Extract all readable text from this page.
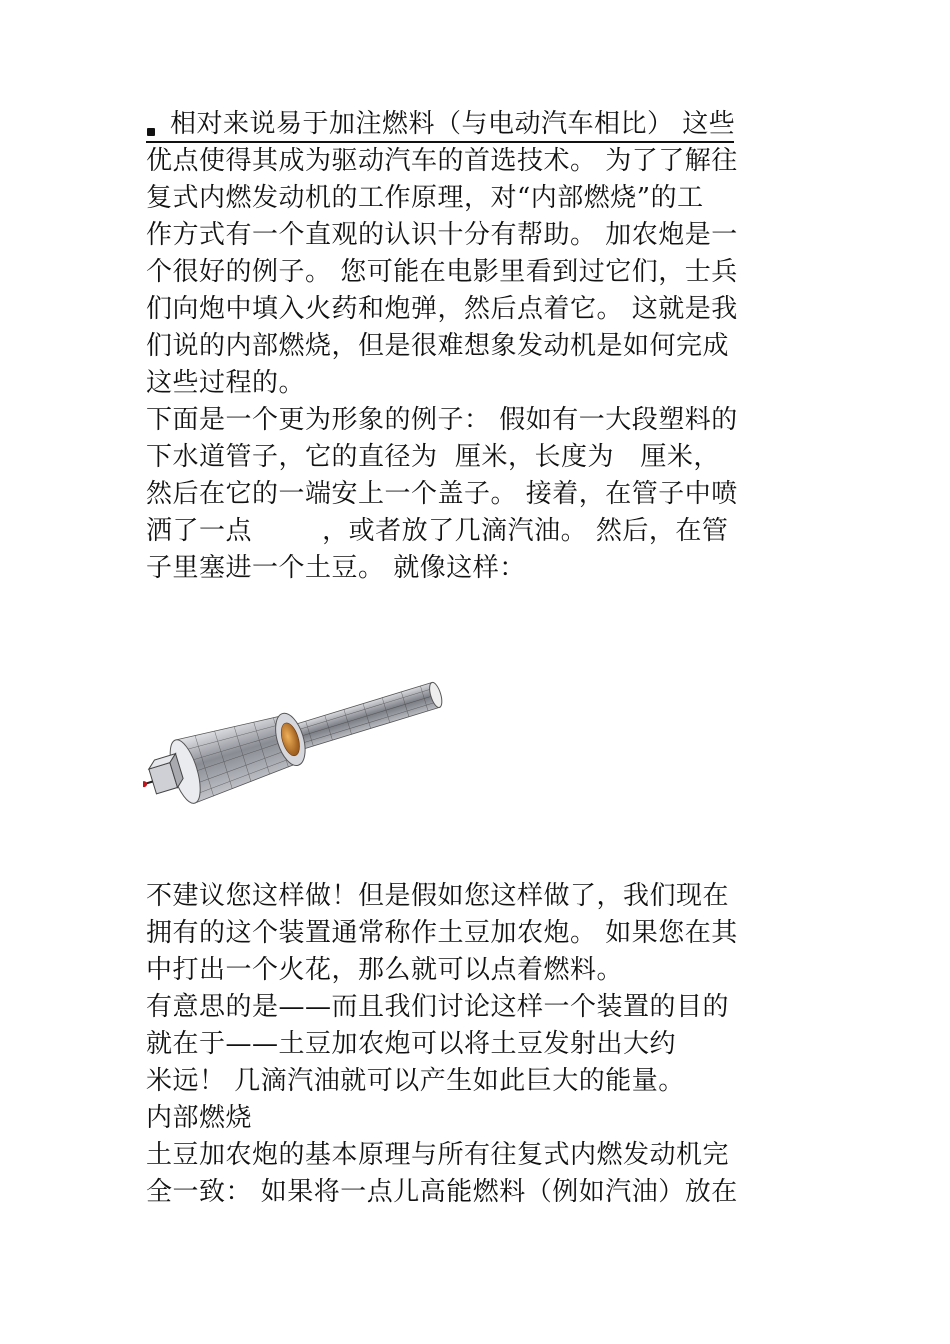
相对来说易于加注燃料（与电动汽车相比） 这些
优点使得其成为驱动汽车的首选技术。 为了了解往
复式内燃发动机的工作原理，对“内部燃烧”的工
作方式有一个直观的认识十分有帮助。 加农炮是一
个很好的例子。 您可能在电影里看到过它们，士兵
们向炮中填入火药和炮弹，然后点着它。 这就是我
们说的内部燃烧，但是很难想象发动机是如何完成
这些过程的。
下面是一个更为形象的例子： 假如有一大段塑料的
下水道管子，它的直径为  厘米，长度为   厘米，
然后在它的一端安上一个盖子。 接着，在管子中喷
洒了一点        ，或者放了几滴汽油。 然后，在管
子里塞进一个土豆。 就像这样：
不建议您这样做！但是假如您这样做了，我们现在
拥有的这个装置通常称作土豆加农炮。 如果您在其
中打出一个火花，那么就可以点着燃料。
有意思的是——而且我们讨论这样一个装置的目的
就在于——土豆加农炮可以将土豆发射出大约
米远！ 几滴汽油就可以产生如此巨大的能量。
内部燃烧
土豆加农炮的基本原理与所有往复式内燃发动机完
全一致： 如果将一点儿高能燃料（例如汽油）放在
